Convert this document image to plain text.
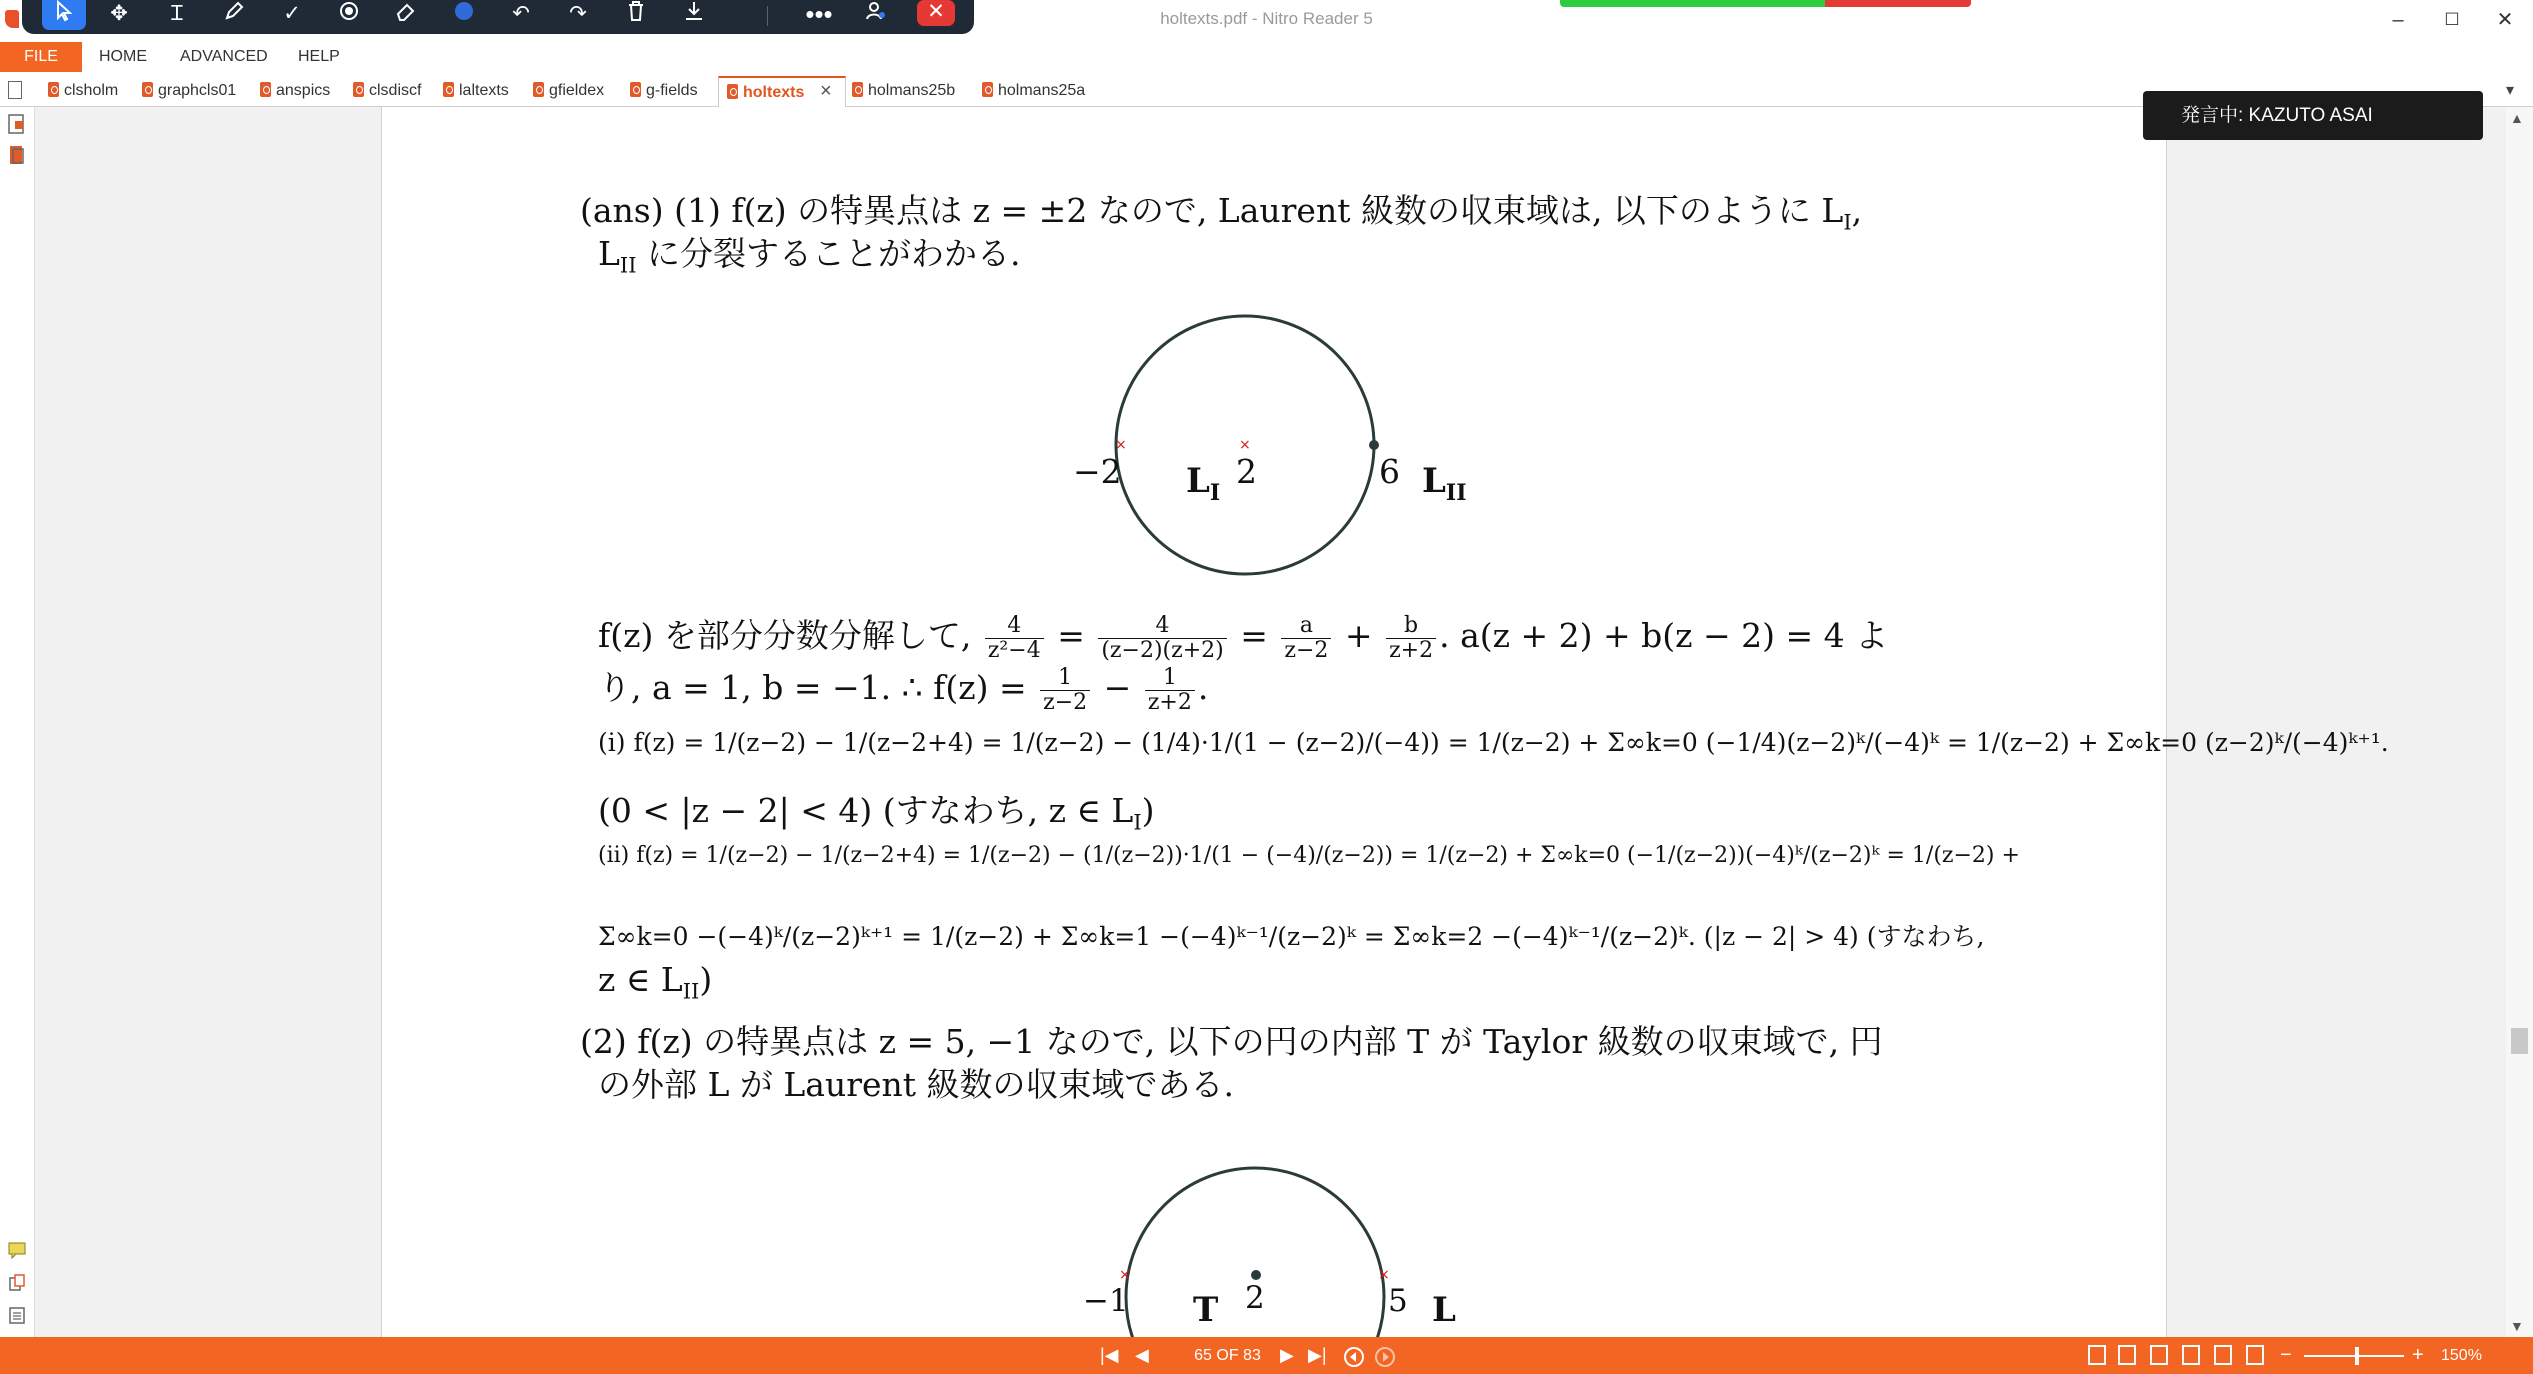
holtexts.pdf - Nitro Reader 5	–	☐	✕
✥	Ɪ	✓	↶	↷	•••	✕
FILE	HOME ADVANCED HELP
clsholm	graphcls01	anspics	clsdiscf	laltexts	gfieldex	g-fields	holtexts ×	holmans25b	holmans25a	▾
発言中: KAZUTO ASAI
(ans) (1) f(z) の特異点は z = ±2 なので, Laurent 級数の収束域は, 以下のように $L_I$,
$L_{II}$ に分裂することがわかる.
×	×
−2	2	6
$L_I$	$L_{II}$
f(z) を部分分数分解して, $\frac{4}{\text{z²−4}} = \frac{4}{(z-2)(z+2)} = \frac{a}{z-2} + \frac{b}{z+2}$ . a(z + 2) + b(z − 2) = 4 よ
り, a = 1, b = −1. ∴ $f(z) = \frac{1}{z-2} - \frac{1}{z+2}$ .
(i) f(z) = 1/(z−2) − 1/(z−2+4) = 1/(z−2) − (1/4)·1/(1 − (z−2)/(−4)) = 1/(z−2) + Σ∞k=0 (−1/4)(z−2)ᵏ/(−4)ᵏ = 1/(z−2) + Σ∞k=0 (z−2)ᵏ/(−4)ᵏ⁺¹.
(0 < |z − 2| < 4) (すなわち, z ∈ $L_I$)
(ii) f(z) = 1/(z−2) − 1/(z−2+4) = 1/(z−2) − (1/(z−2))·1/(1 − (−4)/(z−2)) = 1/(z−2) + Σ∞k=0 (−1/(z−2))(−4)ᵏ/(z−2)ᵏ = 1/(z−2) +
Σ∞k=0 −(−4)ᵏ/(z−2)ᵏ⁺¹ = 1/(z−2) + Σ∞k=1 −(−4)ᵏ⁻¹/(z−2)ᵏ = Σ∞k=2 −(−4)ᵏ⁻¹/(z−2)ᵏ. (|z − 2| > 4) (すなわち,
z ∈ $L_{II}$)
(2) f(z) の特異点は z = 5, −1 なので, 以下の円の内部 T が Taylor 級数の収束域で, 円
の外部 L が Laurent 級数の収束域である.
×	×
−1 T 2	5 L
▲
▼
|◀ ◀	65 OF 83	▶ ▶|	−	+ 150%
